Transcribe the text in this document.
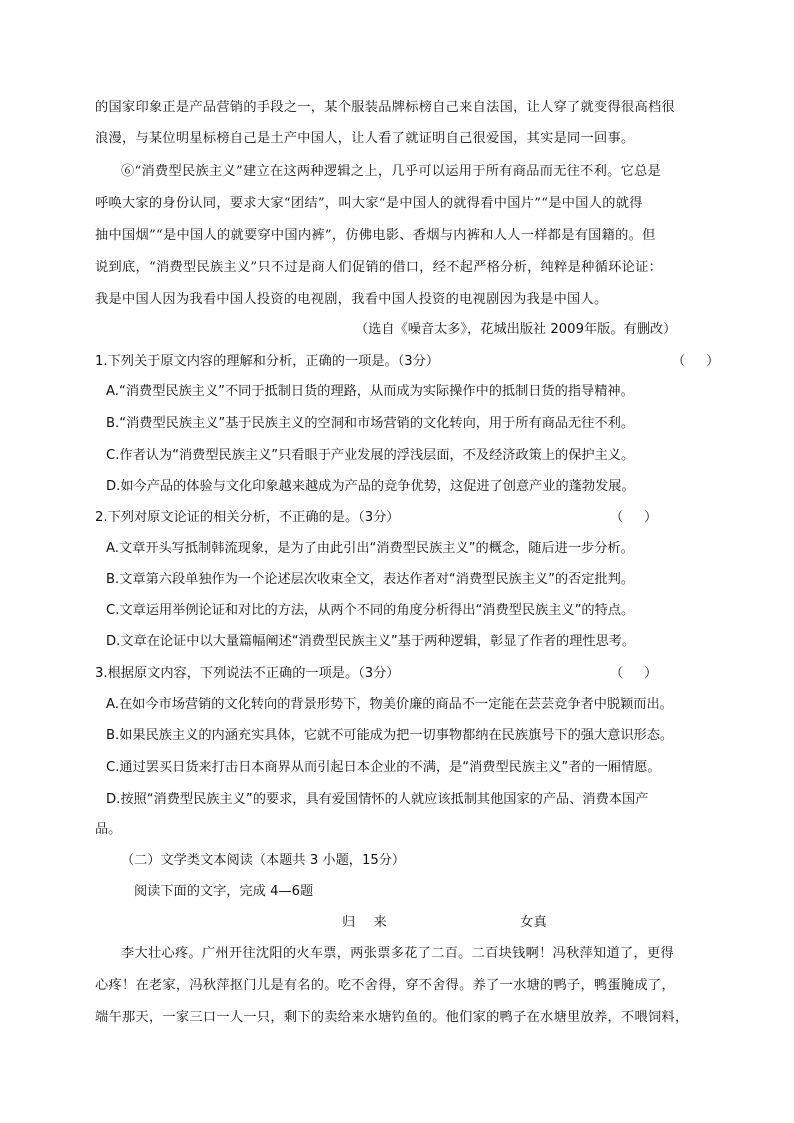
的国家印象正是产品营销的手段之一，某个服装品牌标榜自己来自法国，让人穿了就变得很高档很
浪漫，与某位明星标榜自己是土产中国人，让人看了就证明自己很爱国，其实是同一回事。
⑥“消费型民族主义”建立在这两种逻辑之上，几乎可以运用于所有商品而无往不利。它总是
呼唤大家的身份认同，要求大家“团结”，叫大家“是中国人的就得看中国片”“是中国人的就得
抽中国烟”“是中国人的就要穿中国内裤”，仿佛电影、香烟与内裤和人人一样都是有国籍的。但
说到底，“消费型民族主义”只不过是商人们促销的借口，经不起严格分析，纯粹是种循环论证：
我是中国人因为我看中国人投资的电视剧，我看中国人投资的电视剧因为我是中国人。
（选自《噪音太多》，花城出版社 2009年版。有删改）
1.下列关于原文内容的理解和分析，正确的一项是。（3分）	（     ）
A.“消费型民族主义”不同于抵制日货的理路，从而成为实际操作中的抵制日货的指导精神。
B.“消费型民族主义”基于民族主义的空洞和市场营销的文化转向，用于所有商品无往不利。
C.作者认为“消费型民族主义”只看眼于产业发展的浮浅层面，不及经济政策上的保护主义。
D.如今产品的体验与文化印象越来越成为产品的竞争优势，这促进了创意产业的蓬勃发展。
2.下列对原文论证的相关分析，不正确的是。（3分）	（     ）
A.文章开头写抵制韩流现象，是为了由此引出“消费型民族主义”的概念，随后进一步分析。
B.文章第六段单独作为一个论述层次收束全文，表达作者对“消费型民族主义”的否定批判。
C.文章运用举例论证和对比的方法，从两个不同的角度分析得出“消费型民族主义”的特点。
D.文章在论证中以大量篇幅阐述“消费型民族主义”基于两种逻辑，彰显了作者的理性思考。
3.根据原文内容，下列说法不正确的一项是。（3分）	（     ）
A.在如今市场营销的文化转向的背景形势下，物美价廉的商品不一定能在芸芸竞争者中脱颖而出。
B.如果民族主义的内涵充实具体，它就不可能成为把一切事物都纳在民族旗号下的强大意识形态。
C.通过罢买日货来打击日本商界从而引起日本企业的不满，是“消费型民族主义”者的一厢情愿。
D.按照“消费型民族主义”的要求，具有爱国情怀的人就应该抵制其他国家的产品、消费本国产
品。
（二）文学类文本阅读（本题共 3 小题，15分）
阅读下面的文字，完成 4—6题
归    来	女真
李大壮心疼。广州开往沈阳的火车票，两张票多花了二百。二百块钱啊！冯秋萍知道了，更得
心疼！在老家，冯秋萍抠门儿是有名的。吃不舍得，穿不舍得。养了一水塘的鸭子，鸭蛋腌成了，
端午那天，一家三口一人一只，剩下的卖给来水塘钓鱼的。他们家的鸭子在水塘里放养，不喂饲料，
